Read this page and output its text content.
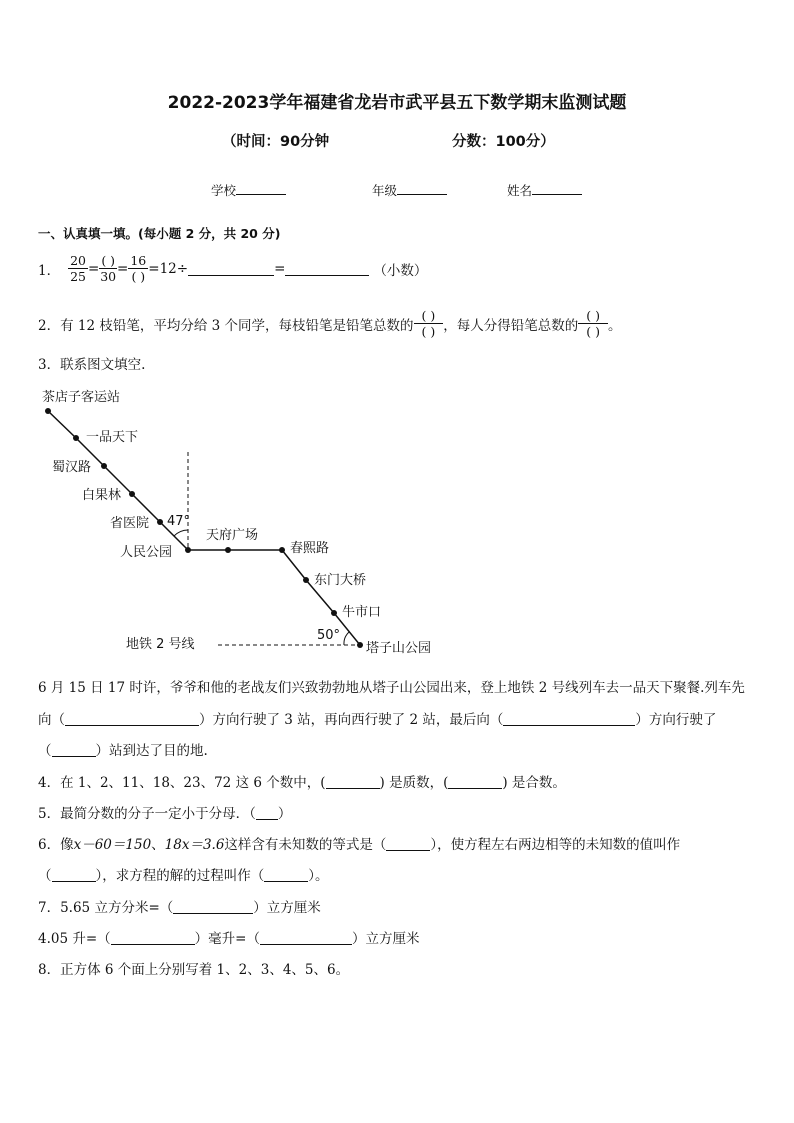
2022-2023学年福建省龙岩市武平县五下数学期末监测试题
（时间：90分钟	分数：100分）
学校	年级	姓名
一、认真填一填。(每小题 2 分，共 20 分)
1． $\frac{20}{25} = \frac{( )}{30} = \frac{16}{( )} =12\div$	=	（小数）
2．有 12 枝铅笔，平均分给 3 个同学，每枝铅笔是铅笔总数的 $\frac{( )}{( )}$ ，每人分得铅笔总数的 $\frac{( )}{( )}$ 。
3．联系图文填空.
茶店子客运站
一品天下
蜀汉路
白果林
省医院
人民公园
天府广场
春熙路
东门大桥
牛市口
塔子山公园
47°
50°
地铁 2 号线
6 月 15 日 17 时许，爷爷和他的老战友们兴致勃勃地从塔子山公园出来，登上地铁 2 号线列车去一品天下聚餐.列车先
向（	）方向行驶了 3 站，再向西行驶了 2 站，最后向（	）方向行驶了
（	）站到达了目的地.
4．在 1、2、11、18、23、72 这 6 个数中，(	) 是质数，(	) 是合数。
5．最简分数的分子一定小于分母．（ ）
6．像x－60＝150、18x＝3.6这样含有未知数的等式是（	），使方程左右两边相等的未知数的值叫作
（	），求方程的解的过程叫作（	）。
7．5.65 立方分米=（	）立方厘米
4.05 升=（	）毫升=（	）立方厘米
8．正方体 6 个面上分别写着 1、2、3、4、5、6。
